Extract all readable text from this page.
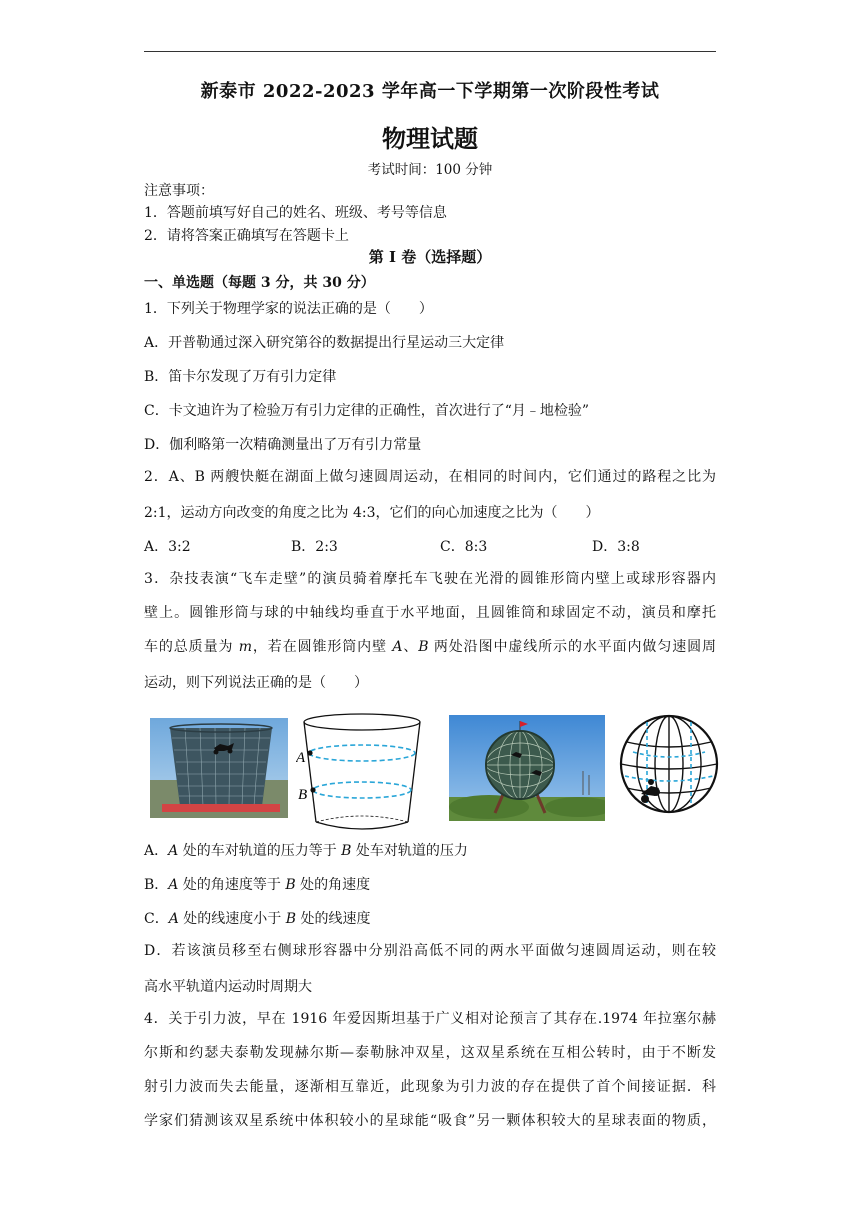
新泰市 2022-2023 学年高一下学期第一次阶段性考试
物理试题
考试时间：100 分钟
注意事项：
1．答题前填写好自己的姓名、班级、考号等信息
2．请将答案正确填写在答题卡上
第 I 卷（选择题）
一、单选题（每题 3 分，共 30 分）
1．下列关于物理学家的说法正确的是（　　）
A．开普勒通过深入研究第谷的数据提出行星运动三大定律
B．笛卡尔发现了万有引力定律
C．卡文迪许为了检验万有引力定律的正确性，首次进行了“月﹣地检验”
D．伽利略第一次精确测量出了万有引力常量
2．A、B 两艘快艇在湖面上做匀速圆周运动，在相同的时间内，它们通过的路程之比为
2:1，运动方向改变的角度之比为 4:3，它们的向心加速度之比为（　　）
A．3:2	B．2:3	C．8:3	D．3:8
3．杂技表演“飞车走壁”的演员骑着摩托车飞驶在光滑的圆锥形筒内壁上或球形容器内
壁上。圆锥形筒与球的中轴线均垂直于水平地面，且圆锥筒和球固定不动，演员和摩托
车的总质量为 m，若在圆锥形筒内壁 A、B 两处沿图中虚线所示的水平面内做匀速圆周
运动，则下列说法正确的是（　　）
A
B
A．A 处的车对轨道的压力等于 B 处车对轨道的压力
B．A 处的角速度等于 B 处的角速度
C．A 处的线速度小于 B 处的线速度
D．若该演员移至右侧球形容器中分别沿高低不同的两水平面做匀速圆周运动，则在较
高水平轨道内运动时周期大
4．关于引力波，早在 1916 年爱因斯坦基于广义相对论预言了其存在.1974 年拉塞尔赫
尔斯和约瑟夫泰勒发现赫尔斯—泰勒脉冲双星，这双星系统在互相公转时，由于不断发
射引力波而失去能量，逐渐相互靠近，此现象为引力波的存在提供了首个间接证据．科
学家们猜测该双星系统中体积较小的星球能“吸食”另一颗体积较大的星球表面的物质，
